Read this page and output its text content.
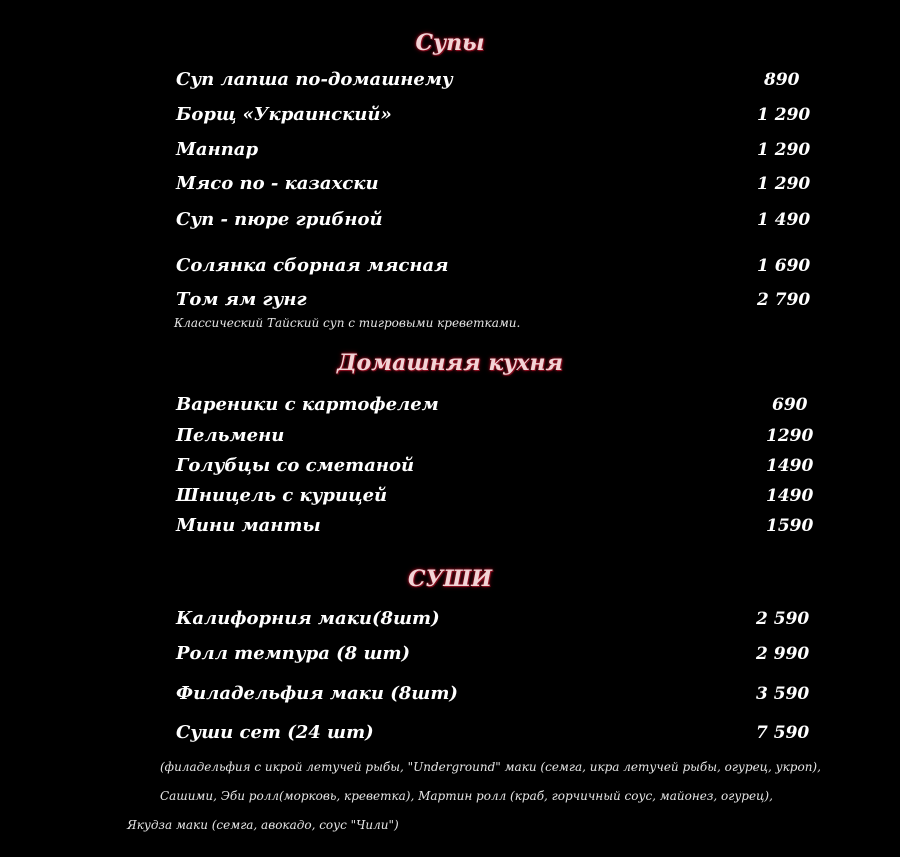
Супы
Суп лапша по-домашнему	890
Борщ «Украинский»	1 290
Манпар	1 290
Мясо по - казахски	1 290
Суп - пюре грибной	1 490
Солянка сборная мясная	1 690
Том ям гунг	2 790
Классический Тайский суп с тигровыми креветками.
Домашняя кухня
Вареники с картофелем	690
Пельмени	1290
Голубцы со сметаной	1490
Шницель с курицей	1490
Мини манты	1590
СУШИ
Калифорния маки(8шт)	2 590
Ролл темпура (8 шт)	2 990
Филадельфия маки (8шт)	3 590
Суши сет (24 шт)	7 590
(филадельфия с икрой летучей рыбы, "Underground" маки (семга, икра летучей рыбы, огурец, укроп),
Сашими, Эби ролл(морковь, креветка), Мартин ролл (краб, горчичный соус, майонез, огурец),
Якудза маки (семга, авокадо, соус "Чили")
